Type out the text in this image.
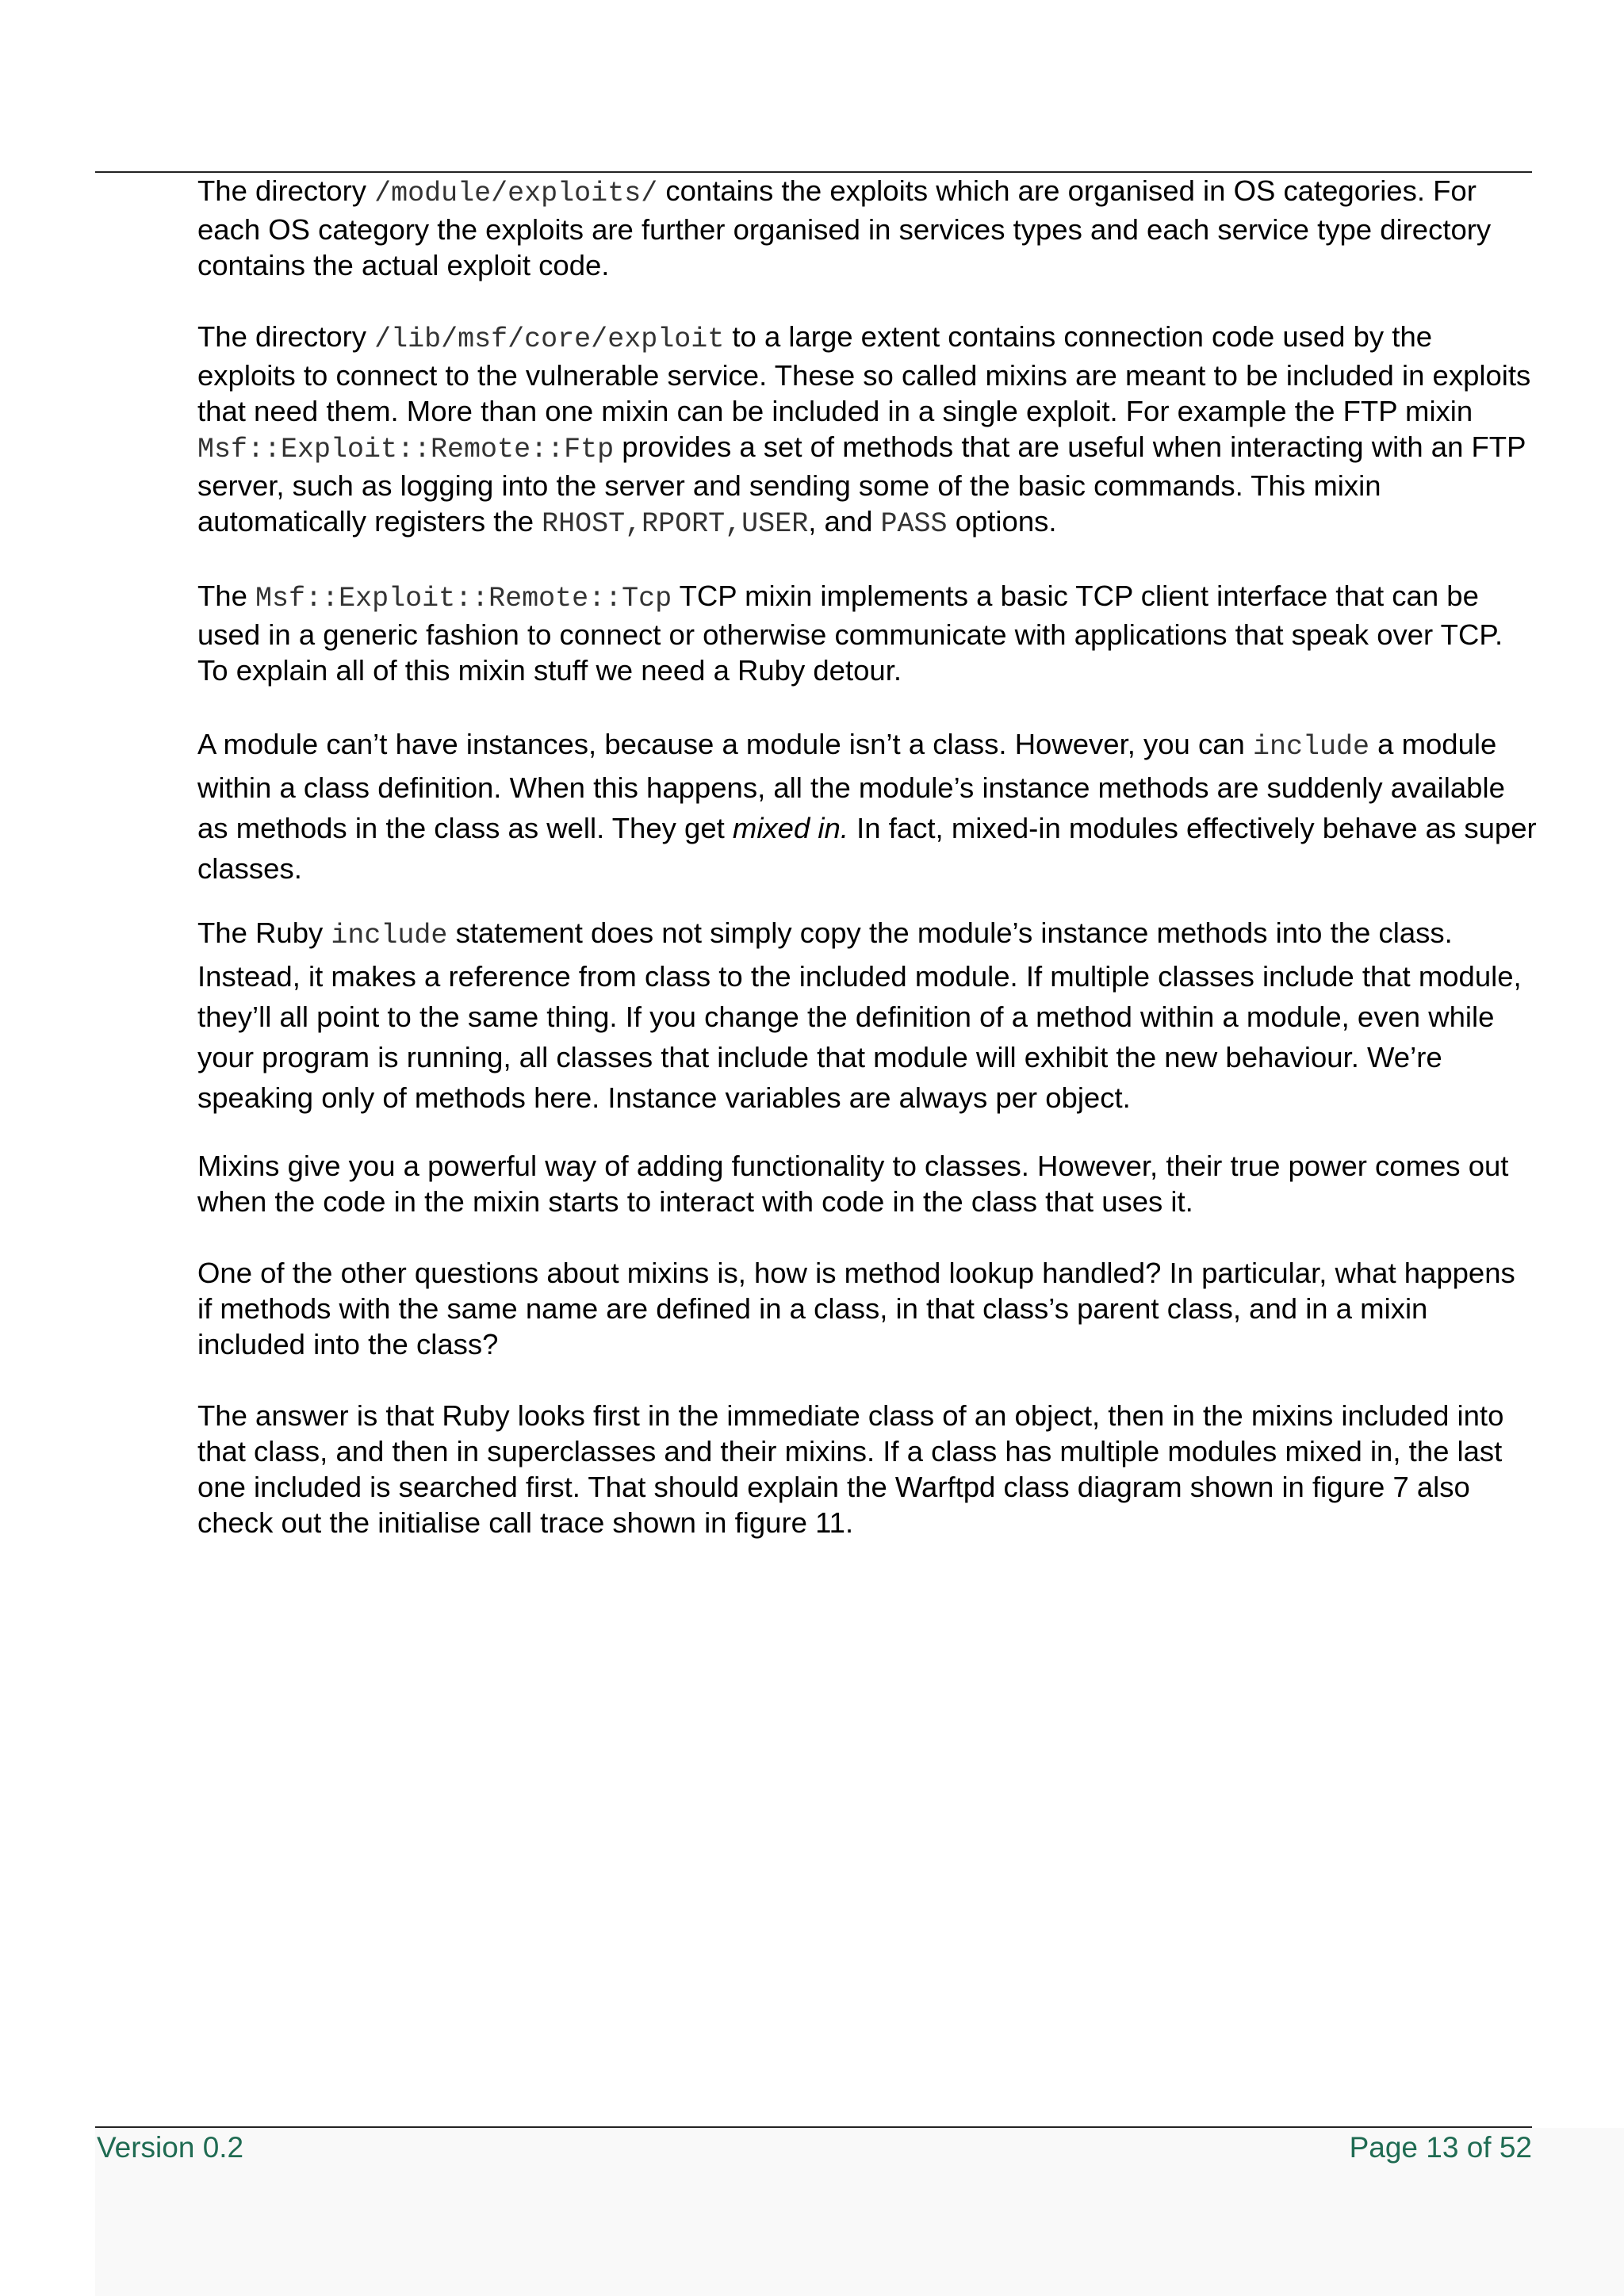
The directory /module/exploits/ contains the exploits which are organised in OS categories. For each OS category the exploits are further organised in services types and each service type directory contains the actual exploit code.

The directory /lib/msf/core/exploit to a large extent contains connection code used by the exploits to connect to the vulnerable service. These so called mixins are meant to be included in exploits that need them. More than one mixin can be included in a single exploit. For example the FTP mixin Msf::Exploit::Remote::Ftp provides a set of methods that are useful when interacting with an FTP server, such as logging into the server and sending some of the basic commands. This mixin automatically registers the RHOST,RPORT,USER, and PASS options.

The Msf::Exploit::Remote::Tcp TCP mixin implements a basic TCP client interface that can be used in a generic fashion to connect or otherwise communicate with applications that speak over TCP. To explain all of this mixin stuff we need a Ruby detour.

A module can’t have instances, because a module isn’t a class. However, you can include a module within a class definition. When this happens, all the module’s instance methods are suddenly available as methods in the class as well. They get mixed in. In fact, mixed-in modules effectively behave as super classes.

The Ruby include statement does not simply copy the module’s instance methods into the class. Instead, it makes a reference from class to the included module. If multiple classes include that module, they’ll all point to the same thing. If you change the definition of a method within a module, even while your program is running, all classes that include that module will exhibit the new behaviour. We’re speaking only of methods here. Instance variables are always per object.

Mixins give you a powerful way of adding functionality to classes. However, their true power comes out when the code in the mixin starts to interact with code in the class that uses it.

One of the other questions about mixins is, how is method lookup handled? In particular, what happens if methods with the same name are defined in a class, in that class’s parent class, and in a mixin included into the class?

The answer is that Ruby looks first in the immediate class of an object, then in the mixins included into that class, and then in superclasses and their mixins. If a class has multiple modules mixed in, the last one included is searched first. That should explain the Warftpd class diagram shown in figure 7 also check out the initialise call trace shown in figure 11.

Version 0.2	Page 13 of 52
